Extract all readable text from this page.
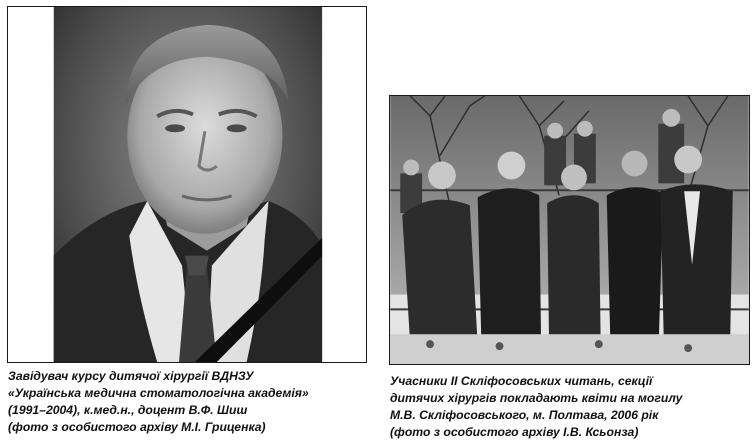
Завідувач курсу дитячої хірургії ВДНЗУ
«Українська медична стоматологічна академія»
(1991–2004), к.мед.н., доцент В.Ф. Шиш
(фото з особистого архіву М.І. Гриценка)
Учасники ІІ Скліфосовських читань, секції
дитячих хірургів покладають квіти на могилу
М.В. Скліфосовського, м. Полтава, 2006 рік
(фото з особистого архіву І.В. Ксьонза)
